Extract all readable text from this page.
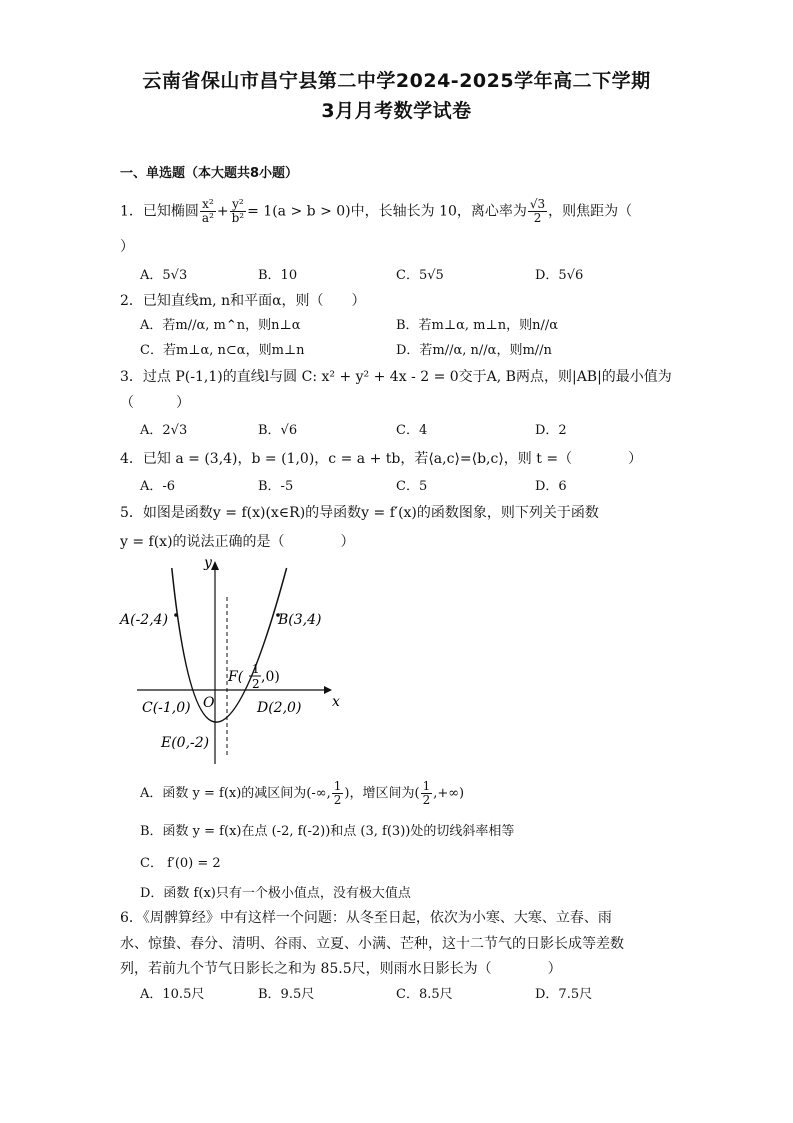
云南省保山市昌宁县第二中学2024-2025学年高二下学期
3月月考数学试卷
一、单选题（本大题共8小题）
1．已知椭圆 $\frac{\text{x²}}{\text{a²}} + \frac{\text{y²}}{\text{b²}} = 1(a > b > 0)$中，长轴长为 10，离心率为 $\frac{√3}{2}$ ，则焦距为（
）
A．5√3	B．10	C．5√5	D．5√6
2．已知直线m, n和平面α，则（　　）
A．若m//α, m⌃n，则n⊥α	B．若m⊥α, m⊥n，则n//α
C．若m⊥α, n⊂α，则m⊥n	D．若m//α, n//α，则m//n
3．过点 P(-1,1)的直线l与圆 C: x² + y² + 4x - 2 = 0交于A, B两点，则|AB|的最小值为
（　　　）
A．2√3	B．√6	C．4	D．2
4．已知 a = (3,4)，b = (1,0)，c = a + tb，若⟨a,c⟩=⟨b,c⟩，则 t =（　　　　）
A．-6	B．-5	C．5	D．6
5．如图是函数y = f(x)(x∈R)的导函数y = f′(x)的函数图象，则下列关于函数
y = f(x)的说法正确的是（　　　　）
x
y
O
A(-2,4)	B(3,4)
F( 1
2 ,0)
C(-1,0)	D(2,0)
E(0,-2)
A．函数 y = f(x)的减区间为(-∞, $\frac{1}{2}$ )，增区间为( $\frac{1}{2}$ ,+∞)
B．函数 y = f(x)在点 (-2, f(-2))和点 (3, f(3))处的切线斜率相等
C． f′(0) = 2
D．函数 f(x)只有一个极小值点，没有极大值点
6．《周髀算经》中有这样一个问题：从冬至日起，依次为小寒、大寒、立春、雨
水、惊蛰、春分、清明、谷雨、立夏、小满、芒种，这十二节气的日影长成等差数
列，若前九个节气日影长之和为 85.5尺，则雨水日影长为（　　　　）
A．10.5尺	B．9.5尺	C．8.5尺	D．7.5尺
